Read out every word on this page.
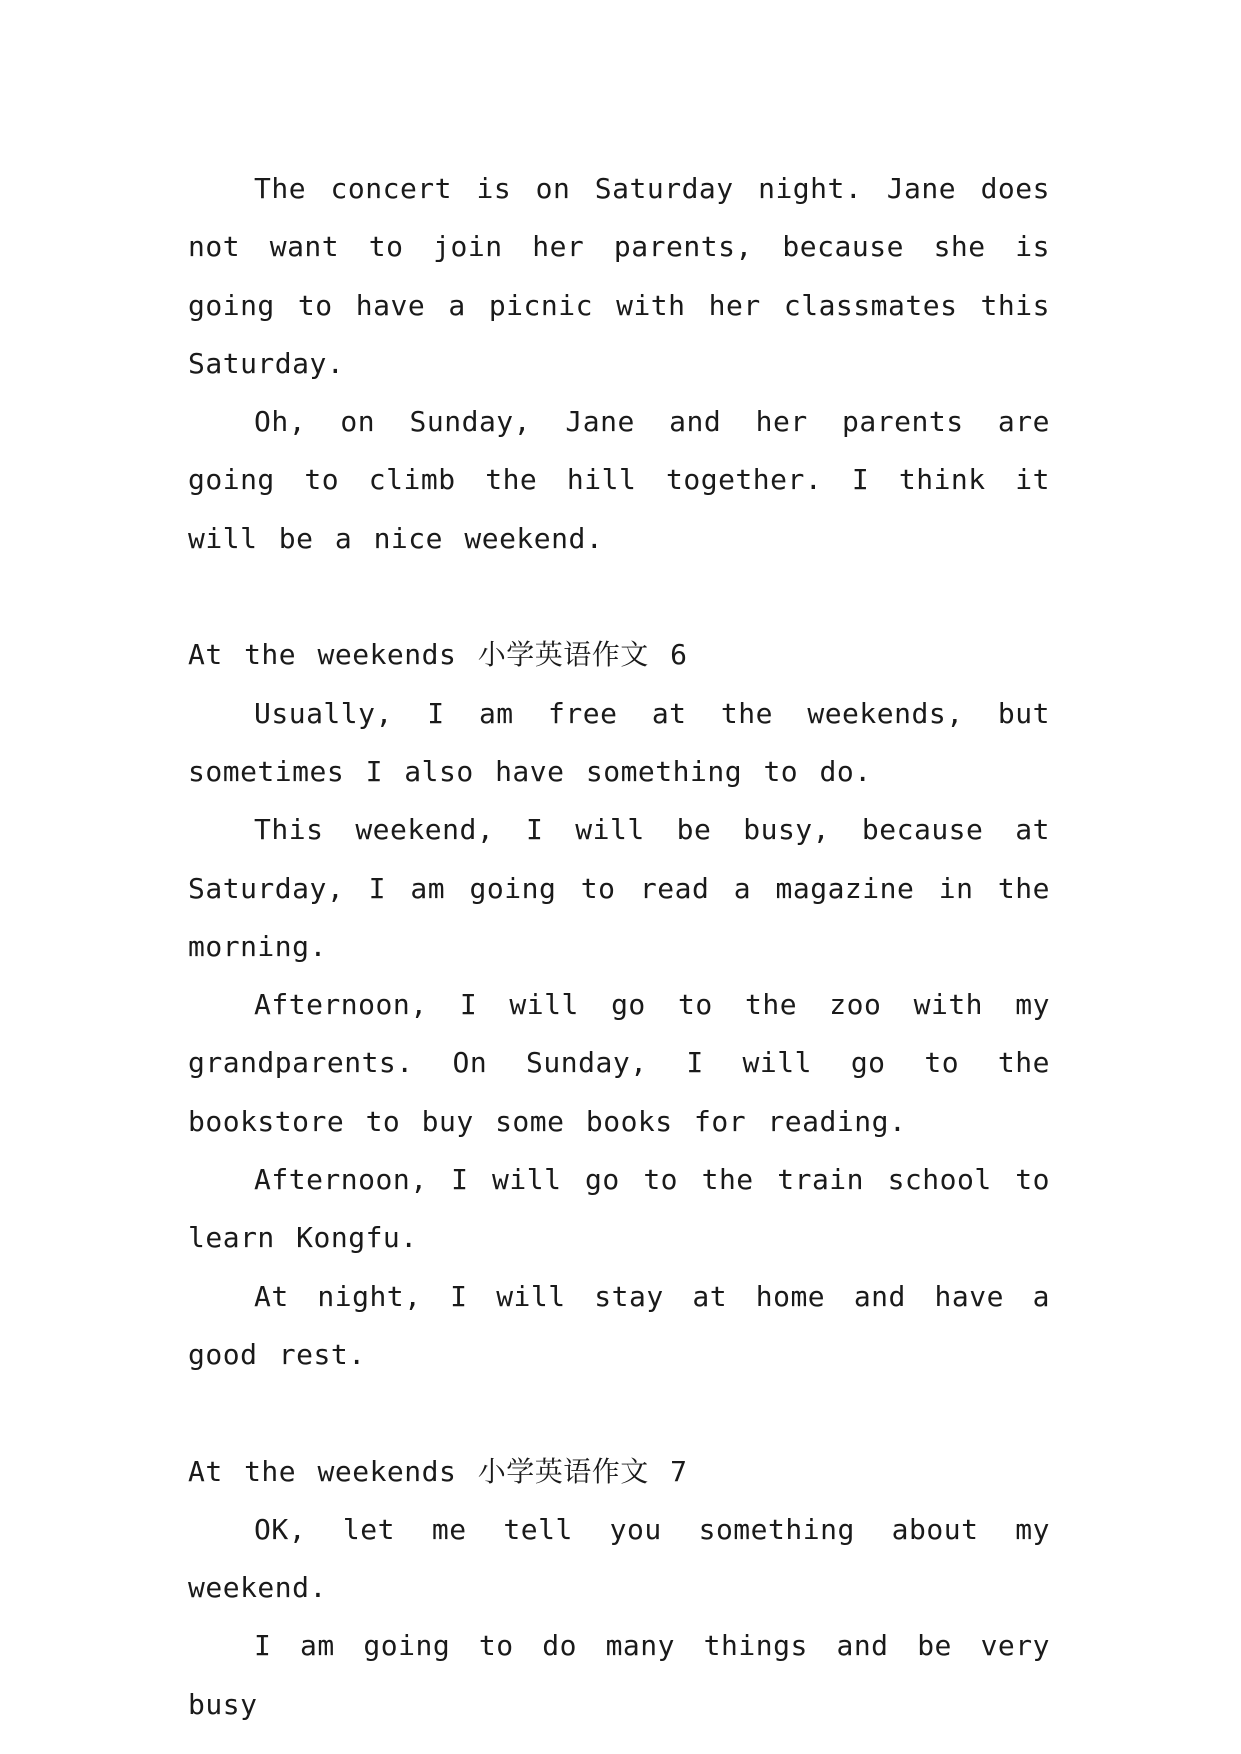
The concert is on Saturday night. Jane does not want to join her parents, because she is going to have a picnic with her classmates this Saturday.

Oh, on Sunday, Jane and her parents are going to climb the hill together. I think it will be a nice weekend.

At the weekends 小学英语作文 6

Usually, I am free at the weekends, but sometimes I also have something to do.

This weekend, I will be busy, because at Saturday, I am going to read a magazine in the morning.

Afternoon, I will go to the zoo with my grandparents. On Sunday, I will go to the bookstore to buy some books for reading.

Afternoon, I will go to the train school to learn Kongfu.

At night, I will stay at home and have a good rest.

At the weekends 小学英语作文 7

OK, let me tell you something about my weekend.

I am going to do many things and be very busy
